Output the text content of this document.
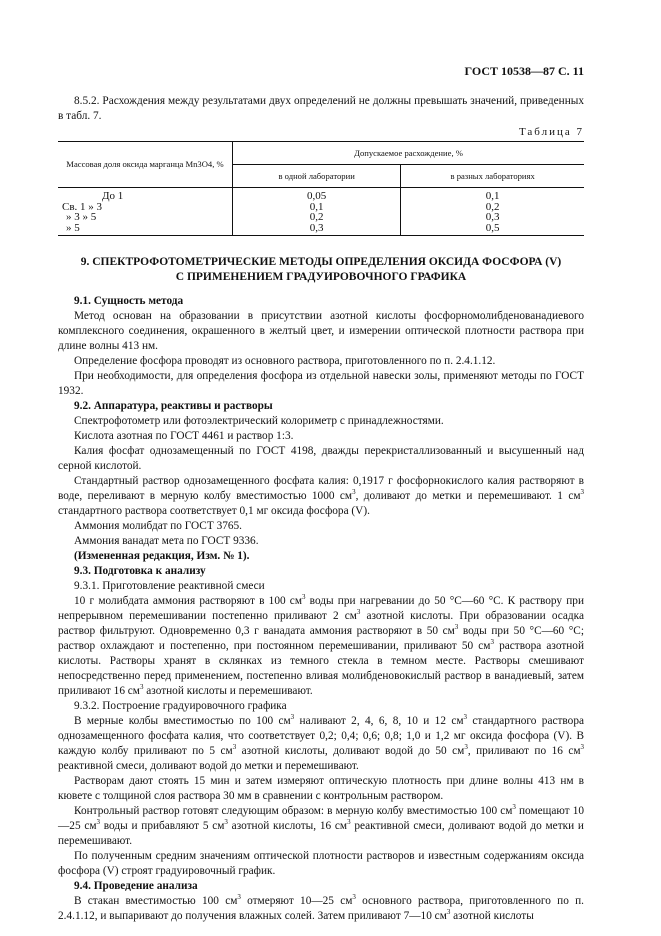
ГОСТ 10538—87 С. 11

8.5.2. Расхождения между результатами двух определений не должны превышать значений, приведенных в табл. 7.

Таблица 7

Массовая доля оксида марганца Mn3O4, %	Допускаемое расхождение, %	
	в одной лаборатории	в разных лабораториях
До 1	0,05	0,1
Св. 1 » 3	0,1	0,2
» 3 » 5	0,2	0,3
» 5	0,3	0,5

9. СПЕКТРОФОТОМЕТРИЧЕСКИЕ МЕТОДЫ ОПРЕДЕЛЕНИЯ ОКСИДА ФОСФОРА (V)

С ПРИМЕНЕНИЕМ ГРАДУИРОВОЧНОГО ГРАФИКА

9.1. Сущность метода

Метод основан на образовании в присутствии азотной кислоты фосфорномолибденованадиевого комплексного соединения, окрашенного в желтый цвет, и измерении оптической плотности раствора при длине волны 413 нм.

Определение фосфора проводят из основного раствора, приготовленного по п. 2.4.1.12.

При необходимости, для определения фосфора из отдельной навески золы, применяют методы по ГОСТ 1932.

9.2. Аппаратура, реактивы и растворы

Спектрофотометр или фотоэлектрический колориметр с принадлежностями.

Кислота азотная по ГОСТ 4461 и раствор 1:3.

Калия фосфат однозамещенный по ГОСТ 4198, дважды перекристаллизованный и высушенный над серной кислотой.

Стандартный раствор однозамещенного фосфата калия: 0,1917 г фосфорнокислого калия растворяют в воде, переливают в мерную колбу вместимостью 1000 $см^3$, доливают до метки и перемешивают. 1 $см^3$ стандартного раствора соответствует 0,1 мг оксида фосфора (V).

Аммония молибдат по ГОСТ 3765.

Аммония ванадат мета по ГОСТ 9336.

(Измененная редакция, Изм. № 1).

9.3. Подготовка к анализу

9.3.1. Приготовление реактивной смеси

10 г молибдата аммония растворяют в 100 $см^3$ воды при нагревании до 50 °С—60 °С. К раствору при непрерывном перемешивании постепенно приливают 2 $см^3$ азотной кислоты. При образовании осадка раствор фильтруют. Одновременно 0,3 г ванадата аммония растворяют в 50 $см^3$ воды при 50 °С—60 °С; раствор охлаждают и постепенно, при постоянном перемешивании, приливают 50 $см^3$ раствора азотной кислоты. Растворы хранят в склянках из темного стекла в темном месте. Растворы смешивают непосредственно перед применением, постепенно вливая молибденовокислый раствор в ванадиевый, затем приливают 16 $см^3$ азотной кислоты и перемешивают.

9.3.2. Построение градуировочного графика

В мерные колбы вместимостью по 100 $см^3$ наливают 2, 4, 6, 8, 10 и 12 $см^3$ стандартного раствора однозамещенного фосфата калия, что соответствует 0,2; 0,4; 0,6; 0,8; 1,0 и 1,2 мг оксида фосфора (V). В каждую колбу приливают по 5 $см^3$ азотной кислоты, доливают водой до 50 $см^3$, приливают по 16 $см^3$ реактивной смеси, доливают водой до метки и перемешивают.

Растворам дают стоять 15 мин и затем измеряют оптическую плотность при длине волны 413 нм в кювете с толщиной слоя раствора 30 мм в сравнении с контрольным раствором.

Контрольный раствор готовят следующим образом: в мерную колбу вместимостью 100 $см^3$ помещают 10—25 $см^3$ воды и прибавляют 5 $см^3$ азотной кислоты, 16 $см^3$ реактивной смеси, доливают водой до метки и перемешивают.

По полученным средним значениям оптической плотности растворов и известным содержаниям оксида фосфора (V) строят градуировочный график.

9.4. Проведение анализа

В стакан вместимостью 100 $см^3$ отмеряют 10—25 $см^3$ основного раствора, приготовленного по п. 2.4.1.12, и выпаривают до получения влажных солей. Затем приливают 7—10 $см^3$ азотной кислоты
